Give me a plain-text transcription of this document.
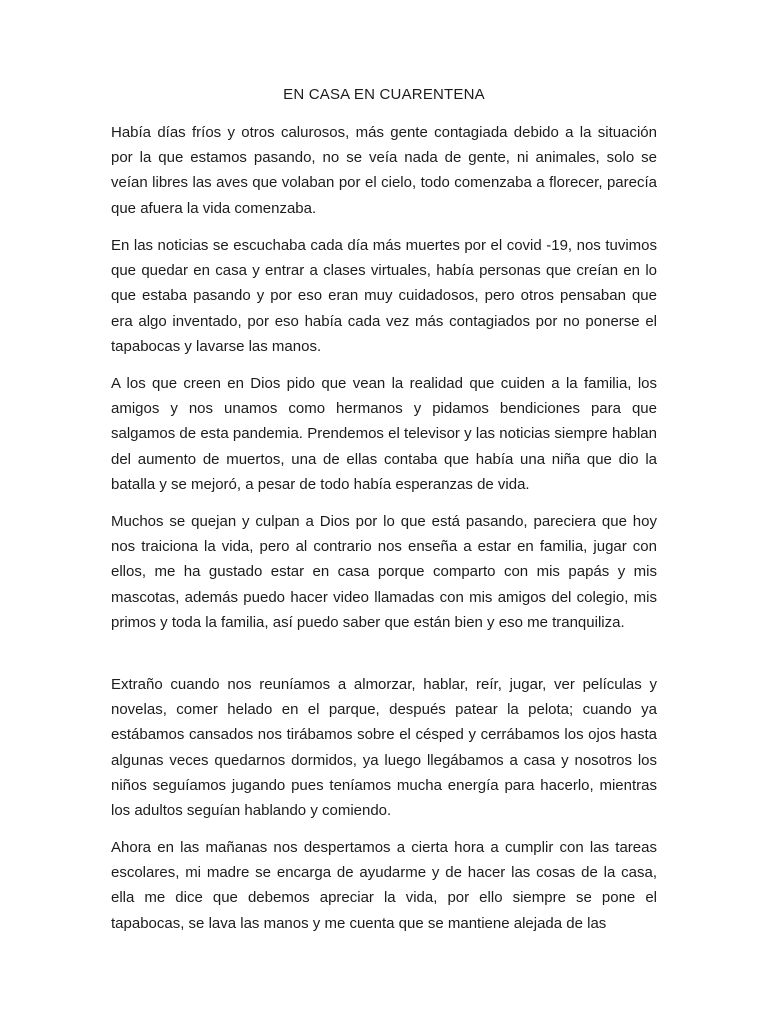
EN CASA EN CUARENTENA

Había días fríos y otros calurosos, más gente contagiada debido a la situación por la que estamos pasando, no se veía nada de gente, ni animales, solo se veían libres las aves que volaban por el cielo, todo comenzaba a florecer, parecía que afuera la vida comenzaba.

En las noticias se escuchaba cada día más muertes por el covid -19, nos tuvimos que quedar en casa y entrar a clases virtuales, había personas que creían en lo que estaba pasando y por eso eran muy cuidadosos, pero otros pensaban que era algo inventado, por eso había cada vez más contagiados por no ponerse el tapabocas y lavarse las manos.

A los que creen en Dios pido que vean la realidad que cuiden a la familia, los amigos y nos unamos como hermanos y pidamos bendiciones para que salgamos de esta pandemia. Prendemos el televisor y las noticias siempre hablan del aumento de muertos, una de ellas contaba que había una niña que dio la batalla y se mejoró, a pesar de todo había esperanzas de vida.

Muchos se quejan y culpan a Dios por lo que está pasando, pareciera que hoy nos traiciona la vida, pero al contrario nos enseña a estar en familia, jugar con ellos, me ha gustado estar en casa porque comparto con mis papás y mis mascotas, además puedo hacer video llamadas con mis amigos del colegio, mis primos y toda la familia, así puedo saber que están bien y eso me tranquiliza.

Extraño cuando nos reuníamos a almorzar, hablar, reír, jugar, ver películas y novelas, comer helado en el parque, después patear la pelota; cuando ya estábamos cansados nos tirábamos sobre el césped y cerrábamos los ojos hasta algunas veces quedarnos dormidos, ya luego llegábamos a casa y nosotros los niños seguíamos jugando pues teníamos mucha energía para hacerlo, mientras los adultos seguían hablando y comiendo.

Ahora en las mañanas nos despertamos a cierta hora a cumplir con las tareas escolares, mi madre se encarga de ayudarme y de hacer las cosas de la casa, ella me dice que debemos apreciar la vida, por ello siempre se pone el tapabocas, se lava las manos y me cuenta que se mantiene alejada de las
